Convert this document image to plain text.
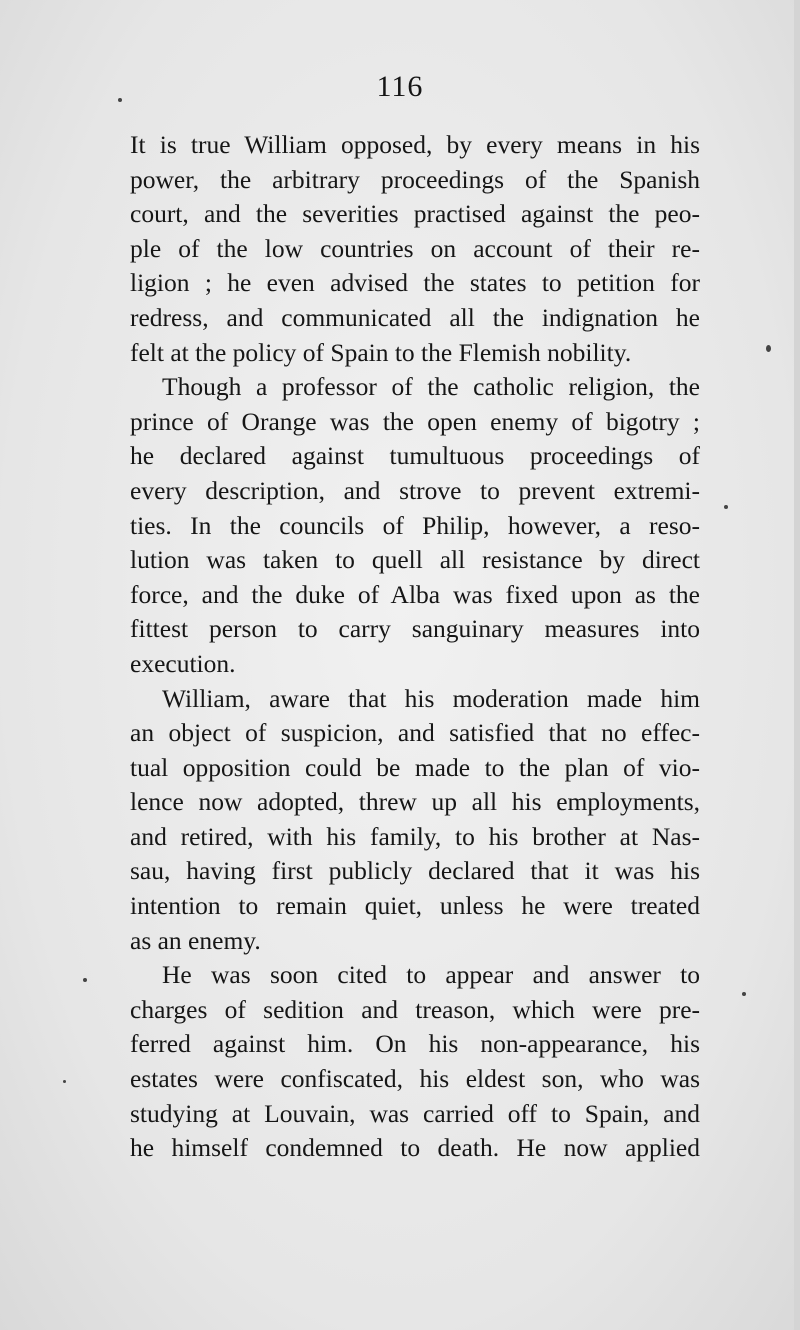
116
It is true William opposed, by every means in his
power, the arbitrary proceedings of the Spanish
court, and the severities practised against the peo-
ple of the low countries on account of their re-
ligion ; he even advised the states to petition for
redress, and communicated all the indignation he
felt at the policy of Spain to the Flemish nobility.
Though a professor of the catholic religion, the
prince of Orange was the open enemy of bigotry ;
he declared against tumultuous proceedings of
every description, and strove to prevent extremi-
ties. In the councils of Philip, however, a reso-
lution was taken to quell all resistance by direct
force, and the duke of Alba was fixed upon as the
fittest person to carry sanguinary measures into
execution.
William, aware that his moderation made him
an object of suspicion, and satisfied that no effec-
tual opposition could be made to the plan of vio-
lence now adopted, threw up all his employments,
and retired, with his family, to his brother at Nas-
sau, having first publicly declared that it was his
intention to remain quiet, unless he were treated
as an enemy.
He was soon cited to appear and answer to
charges of sedition and treason, which were pre-
ferred against him. On his non-appearance, his
estates were confiscated, his eldest son, who was
studying at Louvain, was carried off to Spain, and
he himself condemned to death. He now applied
